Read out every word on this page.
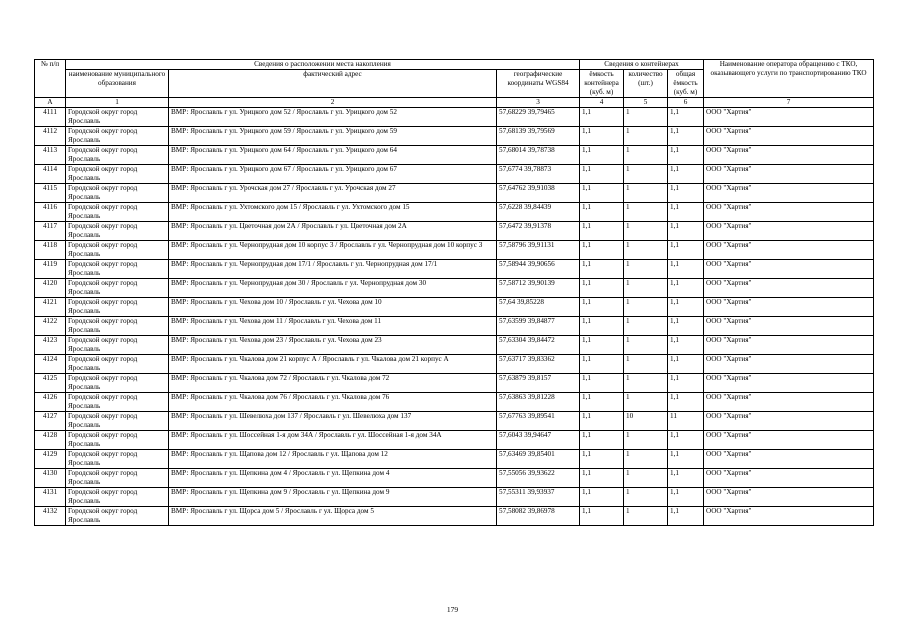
№ п/п	Сведения о расположении места накопления			Сведения о контейнерах			Наименование оператора обращению с ТКО, оказывающего услуги по транспортированию ТКО
	наименование муниципального образования	фактический адрес	географические координаты WGS84	ёмкость контейнера (куб. м)	количество (шт.)	общая ёмкость (куб. м)	
А	1	2	3	4	5	6	7
4111	Городской округ город Ярославль	ВМР: Ярославль г ул. Урицкого дом 52 / Ярославль г ул. Урицкого дом 52	57,68229 39,79465	1,1	1	1,1	ООО "Хартия"
4112	Городской округ город Ярославль	ВМР: Ярославль г ул. Урицкого дом 59 / Ярославль г ул. Урицкого дом 59	57,68139 39,79569	1,1	1	1,1	ООО "Хартия"
4113	Городской округ город Ярославль	ВМР: Ярославль г ул. Урицкого дом 64 / Ярославль г ул. Урицкого дом 64	57,68014 39,78738	1,1	1	1,1	ООО "Хартия"
4114	Городской округ город Ярославль	ВМР: Ярославль г ул. Урицкого дом 67 / Ярославль г ул. Урицкого дом 67	57,6774 39,78873	1,1	1	1,1	ООО "Хартия"
4115	Городской округ город Ярославль	ВМР: Ярославль г ул. Урочская дом 27 / Ярославль г ул. Урочская дом 27	57,64762 39,91038	1,1	1	1,1	ООО "Хартия"
4116	Городской округ город Ярославль	ВМР: Ярославль г ул. Ухтомского дом 15 / Ярославль г ул. Ухтомского дом 15	57,6228 39,84439	1,1	1	1,1	ООО "Хартия"
4117	Городской округ город Ярославль	ВМР: Ярославль г ул. Цветочная дом 2А / Ярославль г ул. Цветочная дом 2А	57,6472 39,91378	1,1	1	1,1	ООО "Хартия"
4118	Городской округ город Ярославль	ВМР: Ярославль г ул. Чернопрудная дом 10 корпус 3 / Ярославль г ул. Чернопрудная дом 10 корпус 3	57,58796 39,91131	1,1	1	1,1	ООО "Хартия"
4119	Городской округ город Ярославль	ВМР: Ярославль г ул. Чернопрудная дом 17/1 / Ярославль г ул. Чернопрудная дом 17/1	57,58944 39,90656	1,1	1	1,1	ООО "Хартия"
4120	Городской округ город Ярославль	ВМР: Ярославль г ул. Чернопрудная дом 30 / Ярославль г ул. Чернопрудная дом 30	57,58712 39,90139	1,1	1	1,1	ООО "Хартия"
4121	Городской округ город Ярославль	ВМР: Ярославль г ул. Чехова дом 10 / Ярославль г ул. Чехова дом 10	57,64 39,85228	1,1	1	1,1	ООО "Хартия"
4122	Городской округ город Ярославль	ВМР: Ярославль г ул. Чехова дом 11 / Ярославль г ул. Чехова дом 11	57,63599 39,84877	1,1	1	1,1	ООО "Хартия"
4123	Городской округ город Ярославль	ВМР: Ярославль г ул. Чехова дом 23 / Ярославль г ул. Чехова дом 23	57,63304 39,84472	1,1	1	1,1	ООО "Хартия"
4124	Городской округ город Ярославль	ВМР: Ярославль г ул. Чкалова дом 21 корпус А / Ярославль г ул. Чкалова дом 21 корпус А	57,63717 39,83362	1,1	1	1,1	ООО "Хартия"
4125	Городской округ город Ярославль	ВМР: Ярославль г ул. Чкалова дом 72 / Ярославль г ул. Чкалова дом 72	57,63879 39,8157	1,1	1	1,1	ООО "Хартия"
4126	Городской округ город Ярославль	ВМР: Ярославль г ул. Чкалова дом 76 / Ярославль г ул. Чкалова дом 76	57,63863 39,81228	1,1	1	1,1	ООО "Хартия"
4127	Городской округ город Ярославль	ВМР: Ярославль г ул. Шевелюха дом 137 / Ярославль г ул. Шевелюха дом 137	57,67763 39,89541	1,1	10	11	ООО "Хартия"
4128	Городской округ город Ярославль	ВМР: Ярославль г ул. Шоссейная 1-я дом 34А / Ярославль г ул. Шоссейная 1-я дом 34А	57,6043 39,94647	1,1	1	1,1	ООО "Хартия"
4129	Городской округ город Ярославль	ВМР: Ярославль г ул. Щапова дом 12 / Ярославль г ул. Щапова дом 12	57,63469 39,85401	1,1	1	1,1	ООО "Хартия"
4130	Городской округ город Ярославль	ВМР: Ярославль г ул. Щепкина дом 4 / Ярославль г ул. Щепкина дом 4	57,55056 39,93622	1,1	1	1,1	ООО "Хартия"
4131	Городской округ город Ярославль	ВМР: Ярославль г ул. Щепкина дом 9 / Ярославль г ул. Щепкина дом 9	57,55311 39,93937	1,1	1	1,1	ООО "Хартия"
4132	Городской округ город Ярославль	ВМР: Ярославль г ул. Щорса дом 5 / Ярославль г ул. Щорса дом 5	57,58082 39,86978	1,1	1	1,1	ООО "Хартия"
179
